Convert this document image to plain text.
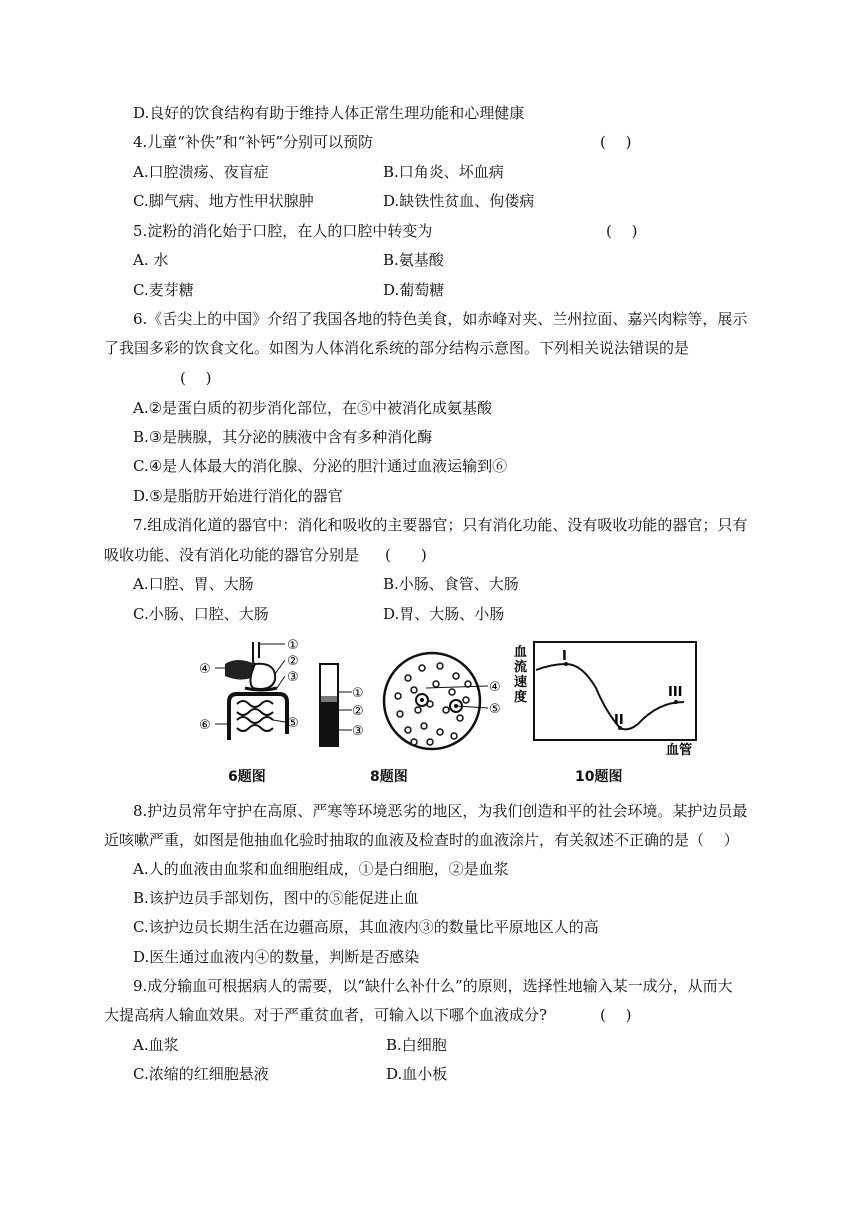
D.良好的饮食结构有助于维持人体正常生理功能和心理健康
4.儿童“补佚”和“补钙”分别可以预防	(　 )
A.口腔溃疡、夜盲症	B.口角炎、坏血病
C.脚气病、地方性甲状腺肿	D.缺铁性贫血、佝偻病
5.淀粉的消化始于口腔，在人的口腔中转变为	(　 )
A. 水	B.氨基酸
C.麦芽糖	D.葡萄糖
6.《舌尖上的中国》介绍了我国各地的特色美食，如赤峰对夹、兰州拉面、嘉兴肉粽等，展示
了我国多彩的饮食文化。如图为人体消化系统的部分结构示意图。下列相关说法错误的是
(　 )
A.②是蛋白质的初步消化部位，在⑤中被消化成氨基酸
B.③是胰腺，其分泌的胰液中含有多种消化酶
C.④是人体最大的消化腺、分泌的胆汁通过血液运输到⑥
D.⑤是脂肪开始进行消化的器官
7.组成消化道的器官中：消化和吸收的主要器官；只有消化功能、没有吸收功能的器官；只有
吸收功能、没有消化功能的器官分别是 (　　)
A.口腔、胃、大肠	B.小肠、食管、大肠
C.小肠、口腔、大肠	D.胃、大肠、小肠
①
②
③
④
⑤
⑥
6题图
①
②
③
④
⑤
8题图
血
流
速
度
I
II
III
血管
10题图
8.护边员常年守护在高原、严寒等环境恶劣的地区，为我们创造和平的社会环境。某护边员最
近咳嗽严重，如图是他抽血化验时抽取的血液及检查时的血液涂片，有关叙述不正确的是（　 ）
A.人的血液由血浆和血细胞组成，①是白细胞，②是血浆
B.该护边员手部划伤，图中的⑤能促进止血
C.该护边员长期生活在边疆高原，其血液内③的数量比平原地区人的高
D.医生通过血液内④的数量，判断是否感染
9.成分输血可根据病人的需要，以“缺什么补什么”的原则，选择性地输入某一成分，从而大
大提高病人输血效果。对于严重贫血者，可输入以下哪个血液成分?	(　 )
A.血浆	B.白细胞
C.浓缩的红细胞悬液	D.血小板
